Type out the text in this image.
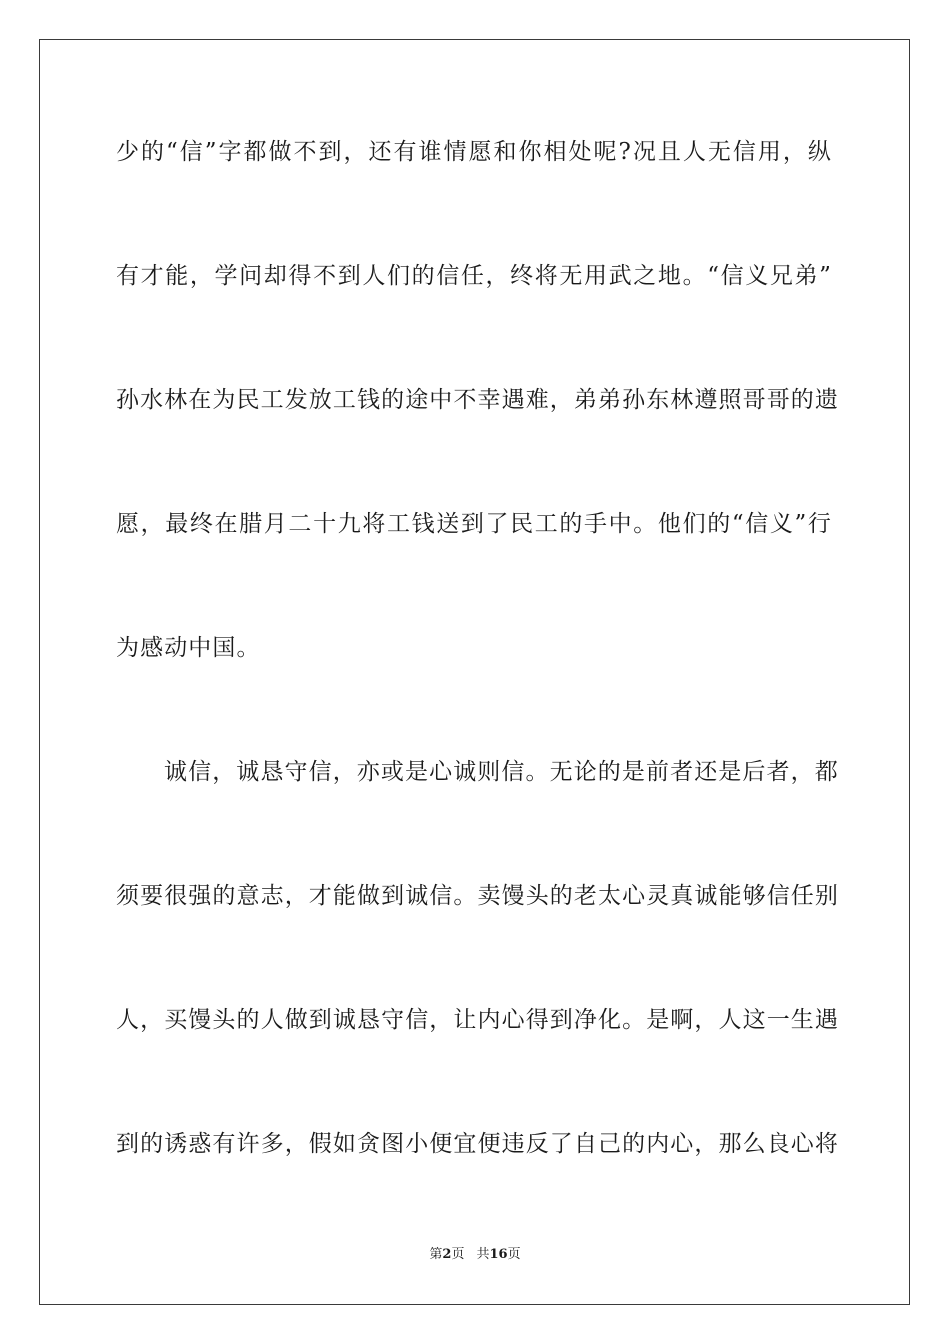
少的“信”字都做不到，还有谁情愿和你相处呢?况且人无信用，纵
有才能，学问却得不到人们的信任，终将无用武之地。“信义兄弟”
孙水林在为民工发放工钱的途中不幸遇难，弟弟孙东林遵照哥哥的遗
愿，最终在腊月二十九将工钱送到了民工的手中。他们的“信义”行
为感动中国。
诚信，诚恳守信，亦或是心诚则信。无论的是前者还是后者，都
须要很强的意志，才能做到诚信。卖馒头的老太心灵真诚能够信任别
人，买馒头的人做到诚恳守信，让内心得到净化。是啊，人这一生遇
到的诱惑有许多，假如贪图小便宜便违反了自己的内心，那么良心将
第2页 共16页
